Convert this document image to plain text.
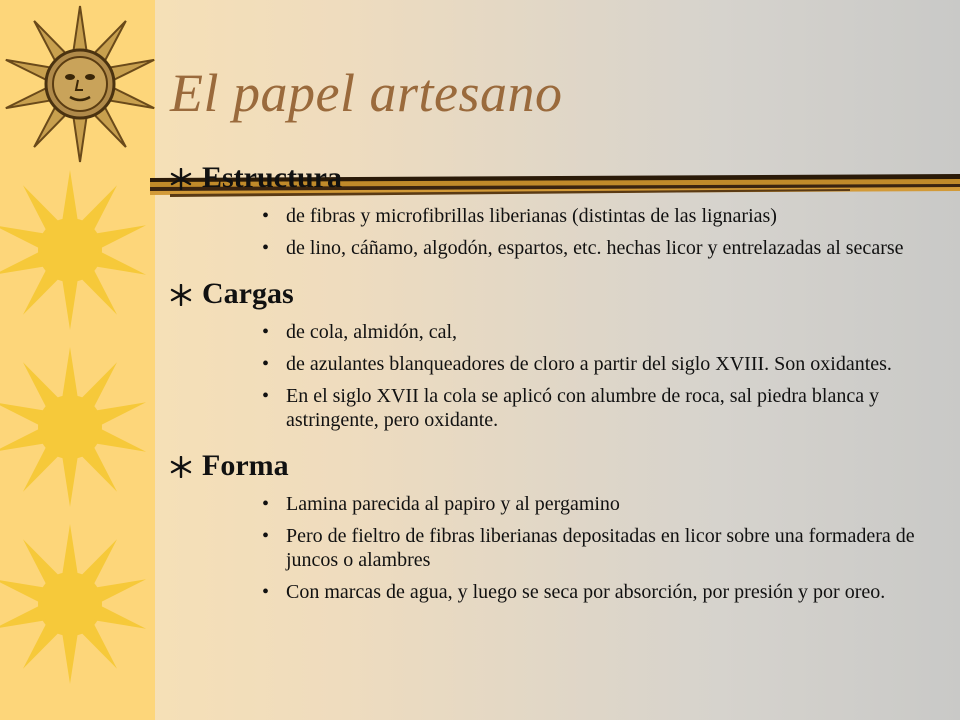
El papel artesano
Estructura
• de fibras y microfibrillas liberianas (distintas de las lignarias)
• de lino, cáñamo, algodón, espartos, etc. hechas licor y entrelazadas al secarse
Cargas
• de cola, almidón, cal,
• de azulantes blanqueadores de cloro a partir del siglo XVIII. Son oxidantes.
• En el siglo XVII la cola se aplicó con alumbre de roca, sal piedra blanca y astringente, pero oxidante.
Forma
• Lamina parecida al papiro y al pergamino
• Pero de fieltro de fibras liberianas depositadas en licor sobre una formadera de juncos o alambres
• Con marcas de agua, y luego se seca por absorción, por presión y por oreo.
